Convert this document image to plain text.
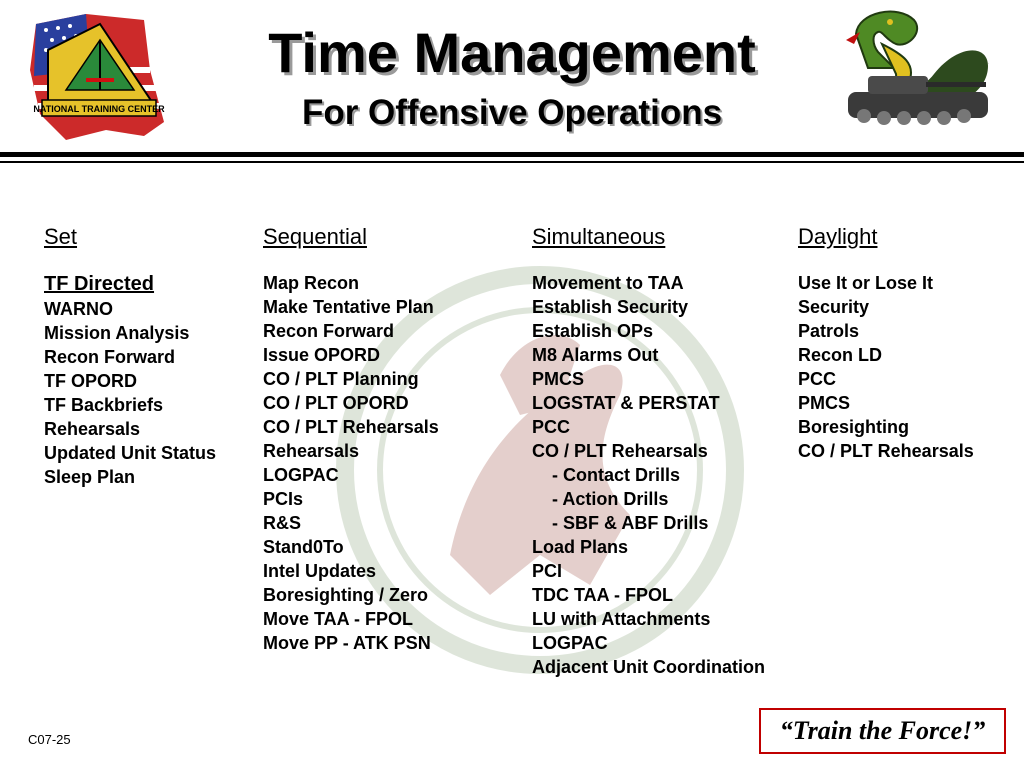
NATIONAL TRAINING CENTER
2
Time Management
For Offensive Operations
Set
TF Directed
WARNO
Mission Analysis
Recon Forward
TF OPORD
TF Backbriefs
Rehearsals
Updated Unit Status
Sleep Plan
Sequential
Map Recon
Make Tentative Plan
Recon Forward
Issue OPORD
CO / PLT Planning
CO / PLT OPORD
CO / PLT Rehearsals
Rehearsals
LOGPAC
PCIs
R&S
Stand0To
Intel Updates
Boresighting / Zero
Move TAA - FPOL
Move PP - ATK PSN
Simultaneous
Movement to TAA
Establish Security
Establish OPs
M8 Alarms Out
PMCS
LOGSTAT & PERSTAT
PCC
CO / PLT Rehearsals
- Contact Drills
- Action Drills
- SBF & ABF Drills
Load Plans
PCI
TDC TAA - FPOL
LU with Attachments
LOGPAC
Adjacent Unit Coordination
Daylight
Use It or Lose It
Security
Patrols
Recon LD
PCC
PMCS
Boresighting
CO / PLT Rehearsals
C07-25	“Train the Force!”
